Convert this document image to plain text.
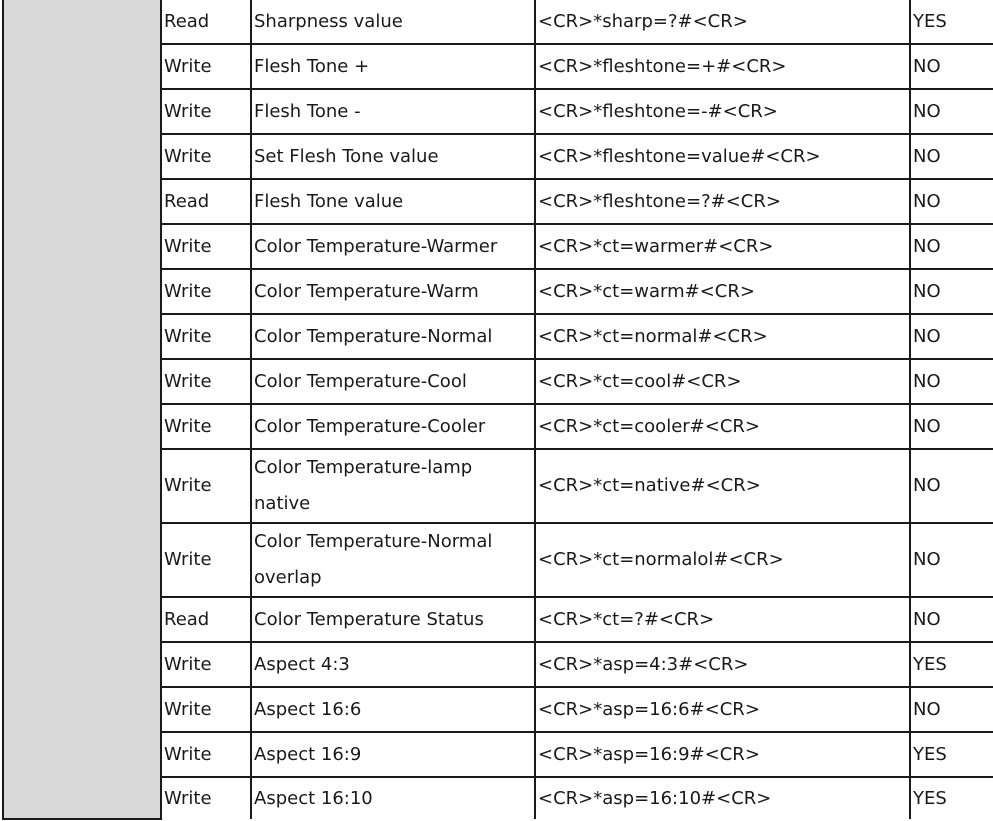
	Read	Sharpness value	<CR>*sharp=?#<CR>	YES
	Write	Flesh Tone +	<CR>*fleshtone=+#<CR>	NO
	Write	Flesh Tone -	<CR>*fleshtone=-#<CR>	NO
	Write	Set Flesh Tone value	<CR>*fleshtone=value#<CR>	NO
	Read	Flesh Tone value	<CR>*fleshtone=?#<CR>	NO
	Write	Color Temperature-Warmer	<CR>*ct=warmer#<CR>	NO
	Write	Color Temperature-Warm	<CR>*ct=warm#<CR>	NO
	Write	Color Temperature-Normal	<CR>*ct=normal#<CR>	NO
	Write	Color Temperature-Cool	<CR>*ct=cool#<CR>	NO
	Write	Color Temperature-Cooler	<CR>*ct=cooler#<CR>	NO
	Write	Color Temperature-lamp native	<CR>*ct=native#<CR>	NO
	Write	Color Temperature-Normal overlap	<CR>*ct=normalol#<CR>	NO
	Read	Color Temperature Status	<CR>*ct=?#<CR>	NO
	Write	Aspect 4:3	<CR>*asp=4:3#<CR>	YES
	Write	Aspect 16:6	<CR>*asp=16:6#<CR>	NO
	Write	Aspect 16:9	<CR>*asp=16:9#<CR>	YES
	Write	Aspect 16:10	<CR>*asp=16:10#<CR>	YES
